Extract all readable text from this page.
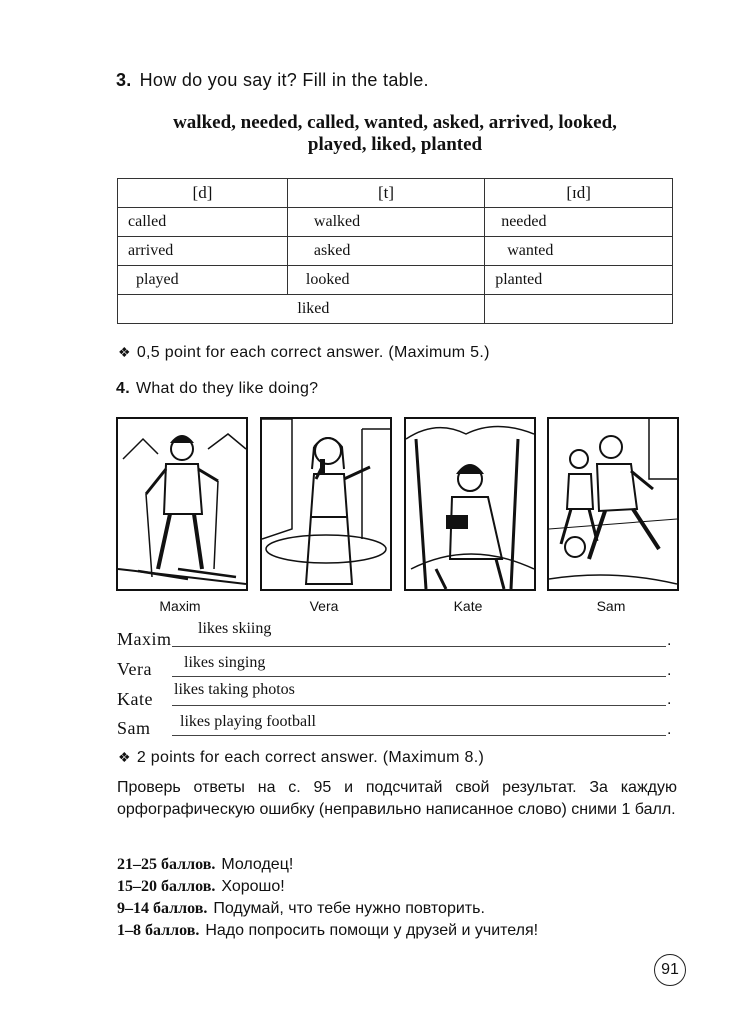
3. How do you say it? Fill in the table.
walked, needed, called, wanted, asked, arrived, looked,
played, liked, planted
[d]	[t]	[ɪd]
called	walked	needed
arrived	asked	wanted
played	looked	planted
	liked	
❖ 0,5 point for each correct answer. (Maximum 5.)
4. What do they like doing?
Maxim	Vera	Kate	Sam
Maxim
likes skiing
.
Vera likes singing	.
Kate likes taking photos
.
Sam likes playing football	.
❖ 2 points for each correct answer. (Maximum 8.)
Проверь ответы на с. 95 и подсчитай свой результат. За каждую орфографическую ошибку (неправильно написанное слово) сними 1 балл.
21–25 баллов. Молодец!
15–20 баллов. Хорошо!
9–14 баллов. Подумай, что тебе нужно повторить.
1–8 баллов. Надо попросить помощи у друзей и учителя!
91
